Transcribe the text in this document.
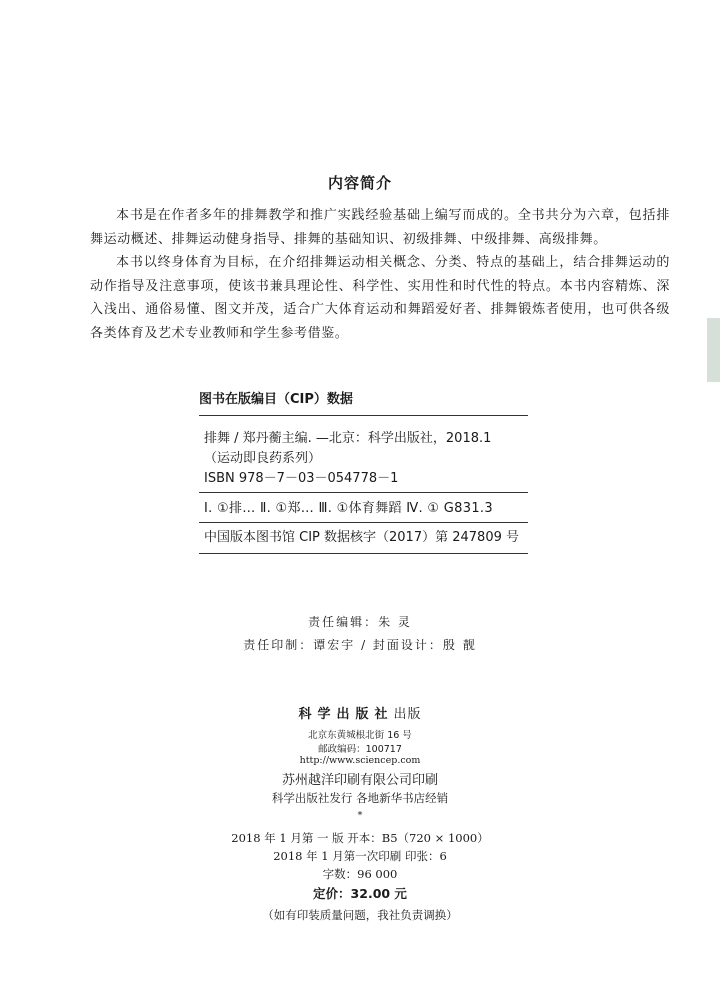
内容简介

本书是在作者多年的排舞教学和推广实践经验基础上编写而成的。全书共分为六章，包括排舞运动概述、排舞运动健身指导、排舞的基础知识、初级排舞、中级排舞、高级排舞。

本书以终身体育为目标，在介绍排舞运动相关概念、分类、特点的基础上，结合排舞运动的动作指导及注意事项，使该书兼具理论性、科学性、实用性和时代性的特点。本书内容精炼、深入浅出、通俗易懂、图文并茂，适合广大体育运动和舞蹈爱好者、排舞锻炼者使用，也可供各级各类体育及艺术专业教师和学生参考借鉴。

图书在版编目（CIP）数据
排舞 / 郑丹蘅主编. —北京：科学出版社，2018.1
（运动即良药系列）
ISBN 978－7－03－054778－1
Ⅰ. ①排… Ⅱ. ①郑… Ⅲ. ①体育舞蹈 Ⅳ. ① G831.3
中国版本图书馆 CIP 数据核字（2017）第 247809 号
责任编辑：朱 灵
责任印制：谭宏宇 / 封面设计：殷 靓
科学出版社出版
北京东黄城根北街 16 号
邮政编码：100717
http://www.sciencep.com
苏州越洋印刷有限公司印刷
科学出版社发行 各地新华书店经销
*
2018 年 1 月第 一 版 开本：B5（720 × 1000）
2018 年 1 月第一次印刷 印张：6
字数：96 000
定价：32.00 元
（如有印装质量问题，我社负责调换）
